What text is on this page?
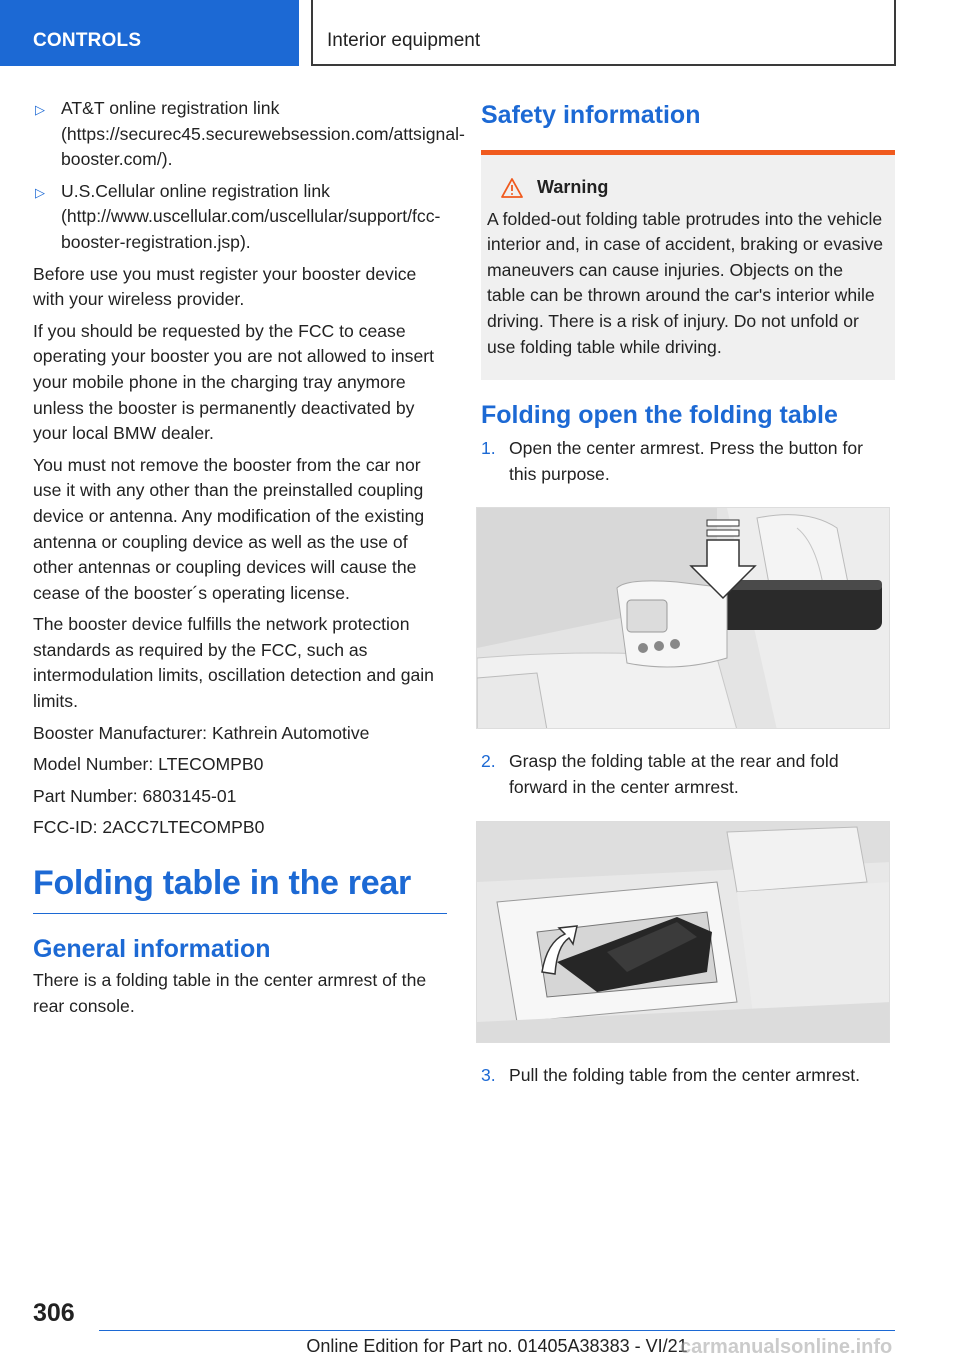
CONTROLS	Interior equipment
▷ AT&T online registration link (https://securec45.securewebsession.com/attsignal-booster.com/).
▷ U.S.Cellular online registration link (http://www.uscellular.com/uscellular/support/fcc-booster-registration.jsp).

Before use you must register your booster device with your wireless provider.

If you should be requested by the FCC to cease operating your booster you are not allowed to insert your mobile phone in the charging tray anymore unless the booster is permanently deactivated by your local BMW dealer.

You must not remove the booster from the car nor use it with any other than the preinstalled coupling device or antenna. Any modification of the existing antenna or coupling device as well as the use of other antennas or coupling devices will cause the cease of the booster´s operating license.

The booster device fulfills the network protection standards as required by the FCC, such as intermodulation limits, oscillation detection and gain limits.

Booster Manufacturer: Kathrein Automotive

Model Number: LTECOMPB0

Part Number: 6803145-01

FCC-ID: 2ACC7LTECOMPB0

Folding table in the rear
General information

There is a folding table in the center armrest of the rear console.

Safety information
Warning

A folded-out folding table protrudes into the vehicle interior and, in case of accident, braking or evasive maneuvers can cause injuries. Objects on the table can be thrown around the car's interior while driving. There is a risk of injury. Do not unfold or use folding table while driving.

Folding open the folding table
1. Open the center armrest. Press the button for this purpose.
2. Grasp the folding table at the rear and fold forward in the center armrest.
3. Pull the folding table from the center armrest.
306
Online Edition for Part no. 01405A38383 - VI/21
carmanualsonline.info
